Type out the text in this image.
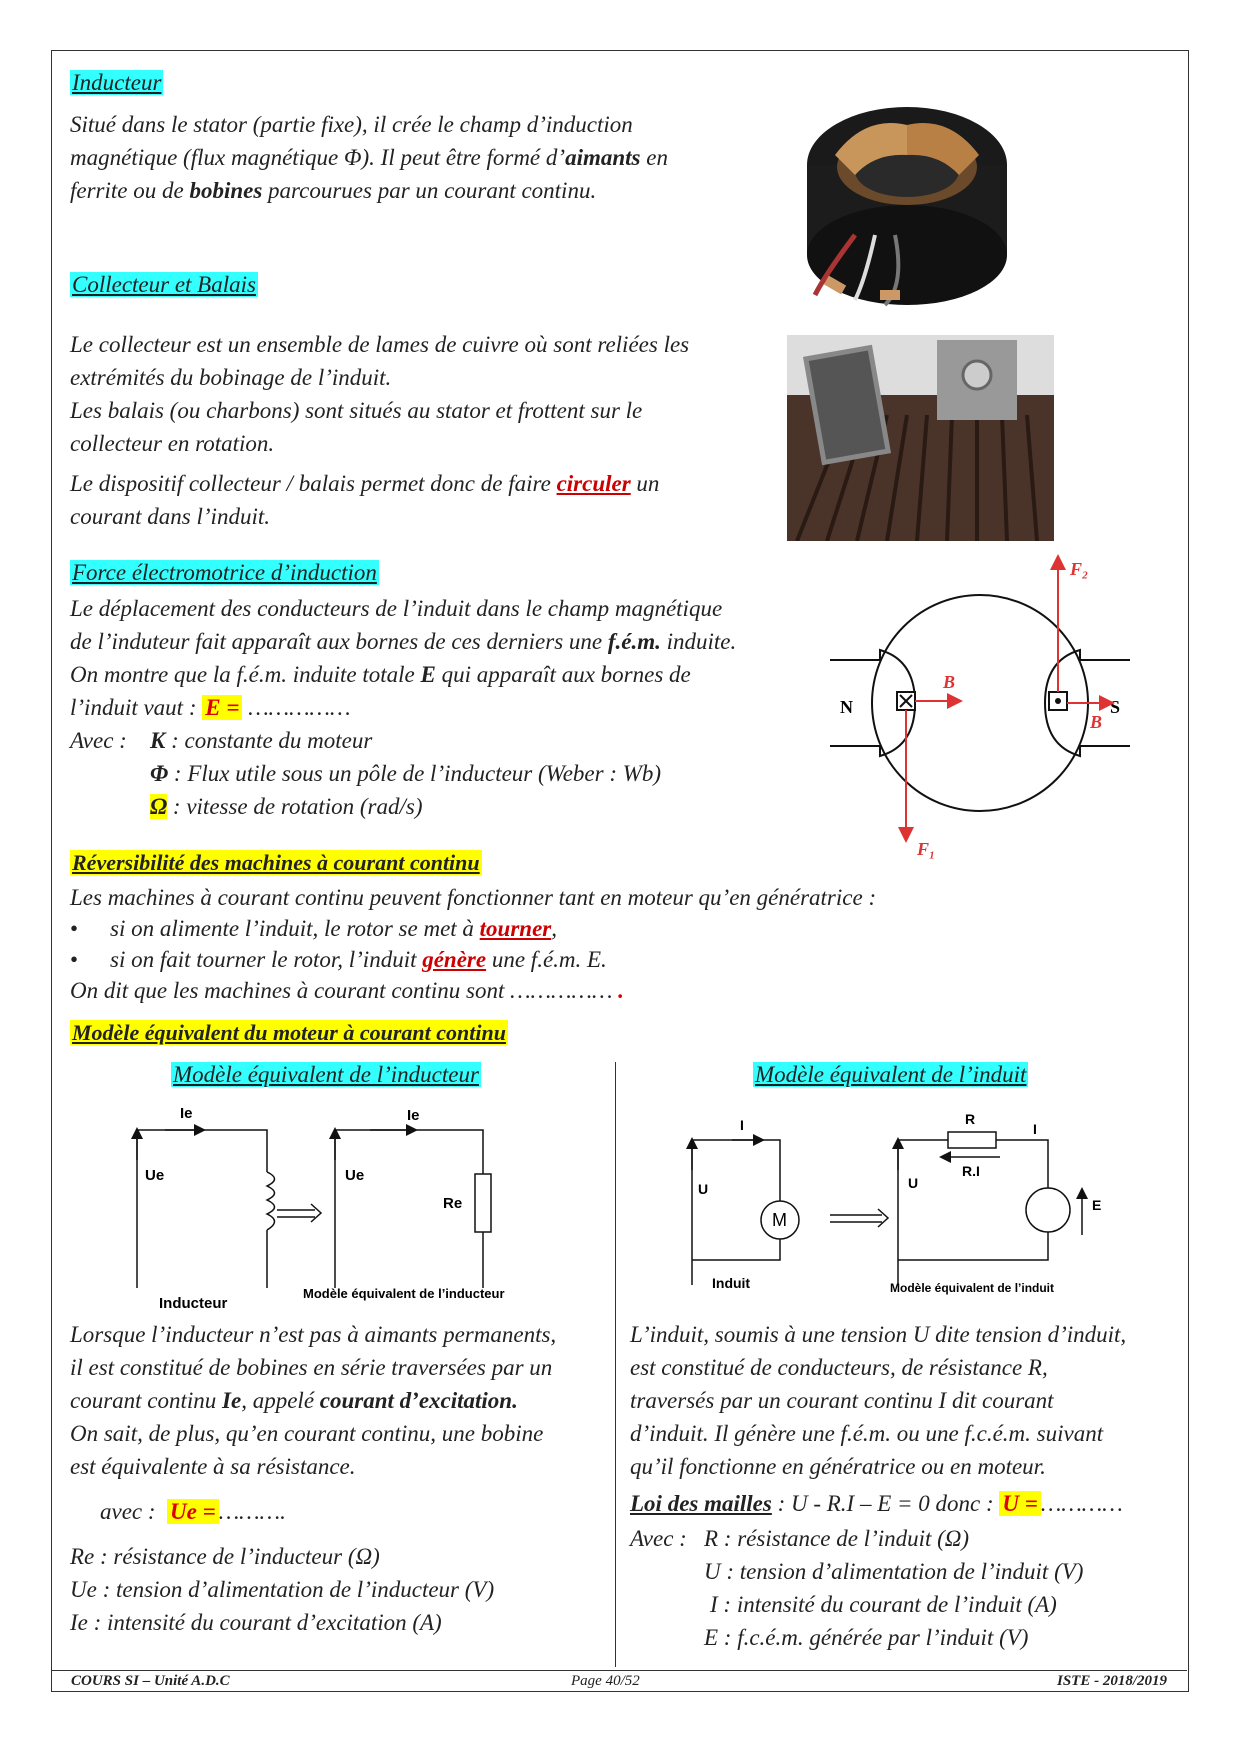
Inducteur
Situé dans le stator (partie fixe), il crée le champ d’induction
magnétique (flux magnétique Φ). Il peut être formé d’aimants en
ferrite ou de bobines parcourues par un courant continu.
Collecteur et Balais
Le collecteur est un ensemble de lames de cuivre où sont reliées les
extrémités du bobinage de l’induit.
Les balais (ou charbons) sont situés au stator et frottent sur le
collecteur en rotation.
Le dispositif collecteur / balais permet donc de faire circuler un
courant dans l’induit.
Force électromotrice d’induction
Le déplacement des conducteurs de l’induit dans le champ magnétique
de l’induteur fait apparaît aux bornes de ces derniers une f.é.m. induite.
On montre que la f.é.m. induite totale E qui apparaît aux bornes de
l’induit vaut : E = ……………
Avec : K : constante du moteur
Φ : Flux utile sous un pôle de l’inducteur (Weber : Wb)
Ω : vitesse de rotation (rad/s)
N	S
F₂
F₁
B
B
Réversibilité des machines à courant continu
Les machines à courant continu peuvent fonctionner tant en moteur qu’en génératrice :
• si on alimente l’induit, le rotor se met à tourner,
• si on fait tourner le rotor, l’induit génère une f.é.m. E.
On dit que les machines à courant continu sont …………… .
Modèle équivalent du moteur à courant continu
Modèle équivalent de l’inducteur	Modèle équivalent de l’induit
Ie
Ue
Ie
Ue
Re
Inducteur
Modèle équivalent de l’inducteur
M
I
U
R
I
R.I
U
E
Induit	Modèle équivalent de l’induit
Lorsque l’inducteur n’est pas à aimants permanents,
il est constitué de bobines en série traversées par un
courant continu Ie, appelé courant d’excitation.
On sait, de plus, qu’en courant continu, une bobine
est équivalente à sa résistance.
avec : Ue = ……….
Re : résistance de l’inducteur (Ω)
Ue : tension d’alimentation de l’inducteur (V)
Ie : intensité du courant d’excitation (A)
L’induit, soumis à une tension U dite tension d’induit,
est constitué de conducteurs, de résistance R,
traversés par un courant continu I dit courant
d’induit. Il génère une f.é.m. ou une f.c.é.m. suivant
qu’il fonctionne en génératrice ou en moteur.
Loi des mailles : U - R.I – E = 0 donc : U = …………
Avec : R : résistance de l’induit (Ω)
U : tension d’alimentation de l’induit (V)
I : intensité du courant de l’induit (A)
E : f.c.é.m. générée par l’induit (V)
COURS SI – Unité A.D.C	Page 40/52	ISTE - 2018/2019
